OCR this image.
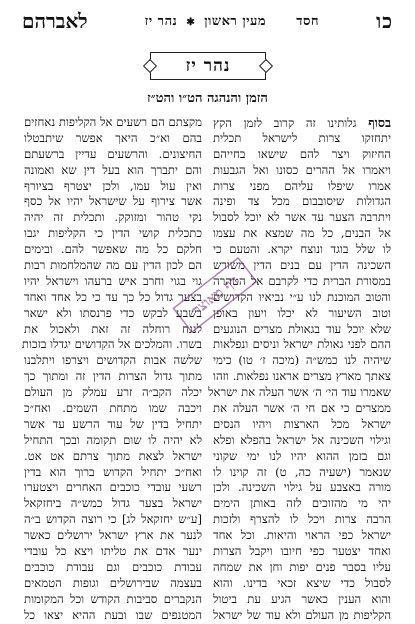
כו
חסד      מעין ראשון ✱ נהר יז
לאברהם
נהר יז
הזמן והנהגה הט״ו והט״ז
בסוף גלותינו זה קרוב לזמן הקץ
יתחזקו צרות לישראל תכלית
החיזוק ויצר להם שישאו בחייהם
ויאמרו אל ההרים כסונו ואל הגבעות
אמרו שיפלו עליהם מפני צרות
הגדולות שיסובבום מכל צד ופינה
ויתרבה הצער עד אשר לא יוכל לסבול
אל הבנים, כל מה שמצא את עצמו
לו שלל בוגד ונוצח יקרא. והטעם כי
השכינה הדין עם בנים הדין משורש
במסורת הברית כדי לקרבם אל הטהרה
והטוב המוכנת לנו ע״י נביאיו הקדושים
וטוב השיעור לא יכלו ויעון באופן
שלא יוכל עוד בגאולת מצרים הנוגעים
ההם לפני גאולת ישראל וניסים ונפלאות
שיהיה לנו כמש״ה (מיכה ז׳ טו) כימי
צאתך מארץ מצרים אראנו נפלאות. וזהו
שאמרו עוד הי׳ ה׳ אשר העלה את ישראל
ממצרים כי אם חי ה׳ אשר העלה את
ישראל מכל הארצות ויהיו הנסים
וגילוי השכינה אל ישראל בהפלא ופלא
וגם בזמן ההוא יהיו לנו ימי שקוני
שנאמר (ישעיה כה, ט) זה קוינו לו
מורה באצבע על גילוי השכינה. ולכן
יהי מי מהזוכים לזה באותן הימים
הרבה צרות ויכל לו להצרף ולזכות
ישראל כפי הראוי והיאות. וכל אחד
ואחד יצטער כפי חיובו ויקבל הצרות
עליו בסבר פנים יפות וחן את שמחה
לסבול כדי שיצא זכאי בדינו. והוא
והוא הענין כאשר הגיע עת ביטול
הקליפות מן העולם ולא עוד של ישראל
מקצתם הם רשעים אל הקליפות נאחזים
בהם וא״כ היאך אפשר שיתבטלו
החיצונים. והרשעים עדיין ברשעתם
והם יתברך הוא בעל דין שא ואמונה
ואין עול עמו, ולכן יצטרף בציורף
אשר צירוף על שישראל יהיו אל כסף
נקי טהור ומזוקק. ותכלית זה יהיה
כתכלית קושי הדין כי הקליפות יגבו
חלקם כל מה שאפשר להם. ובימים
הם לכון הדין עם מה שהמלחמות רבות
גוי בגוי וחרב איש ברעהו וישראל יהיו
בצער גדול כל כך עד כי כל אחד ואחד
בשבע לבקש כדי פרנסתו ולא ישאר
לנגח רוחלה זה זאת ולאכול את
בשרו. והמלכים אל הקדושים יגדלו בזכות
שלשה אבות הקדושים ויצרפו ויתלבנו
מתוך גדול הצרות הדין זה ומתוך כך
יכלה הקב״ה זרע עמלק מן העולם
ויכבה שמו מתחת השמים. ואח״כ
יתחיל בדין של עוד הרשע עד אשר
לא יהיה לו שום תקומה ובכך התחיל
ישראל לצאת מתוך צרתם אט אט.
ואח״כ יתחיל הקדוש ברוך הוא בדין
רשעי עובדי כוכבים האחרים ויצטערו
ישראל בצער גדול כמש״ה ביחזקאל
[ע״ש יחזקאל לג] כי רוצה הקדוש ב״ה
לנער את ארץ ישראל ירושלים כאשר
ינער אדם את טליתו ויצא כל עובדי
עבודת כוכבים וגם עבודת כוכבים
בעצמה שבירושלים וגופות הטמאים
הנקברים סביבות הקודש וכל המקומות
המטנפים שבו ובעת ההיא יצאו כל
דף מאוצר
